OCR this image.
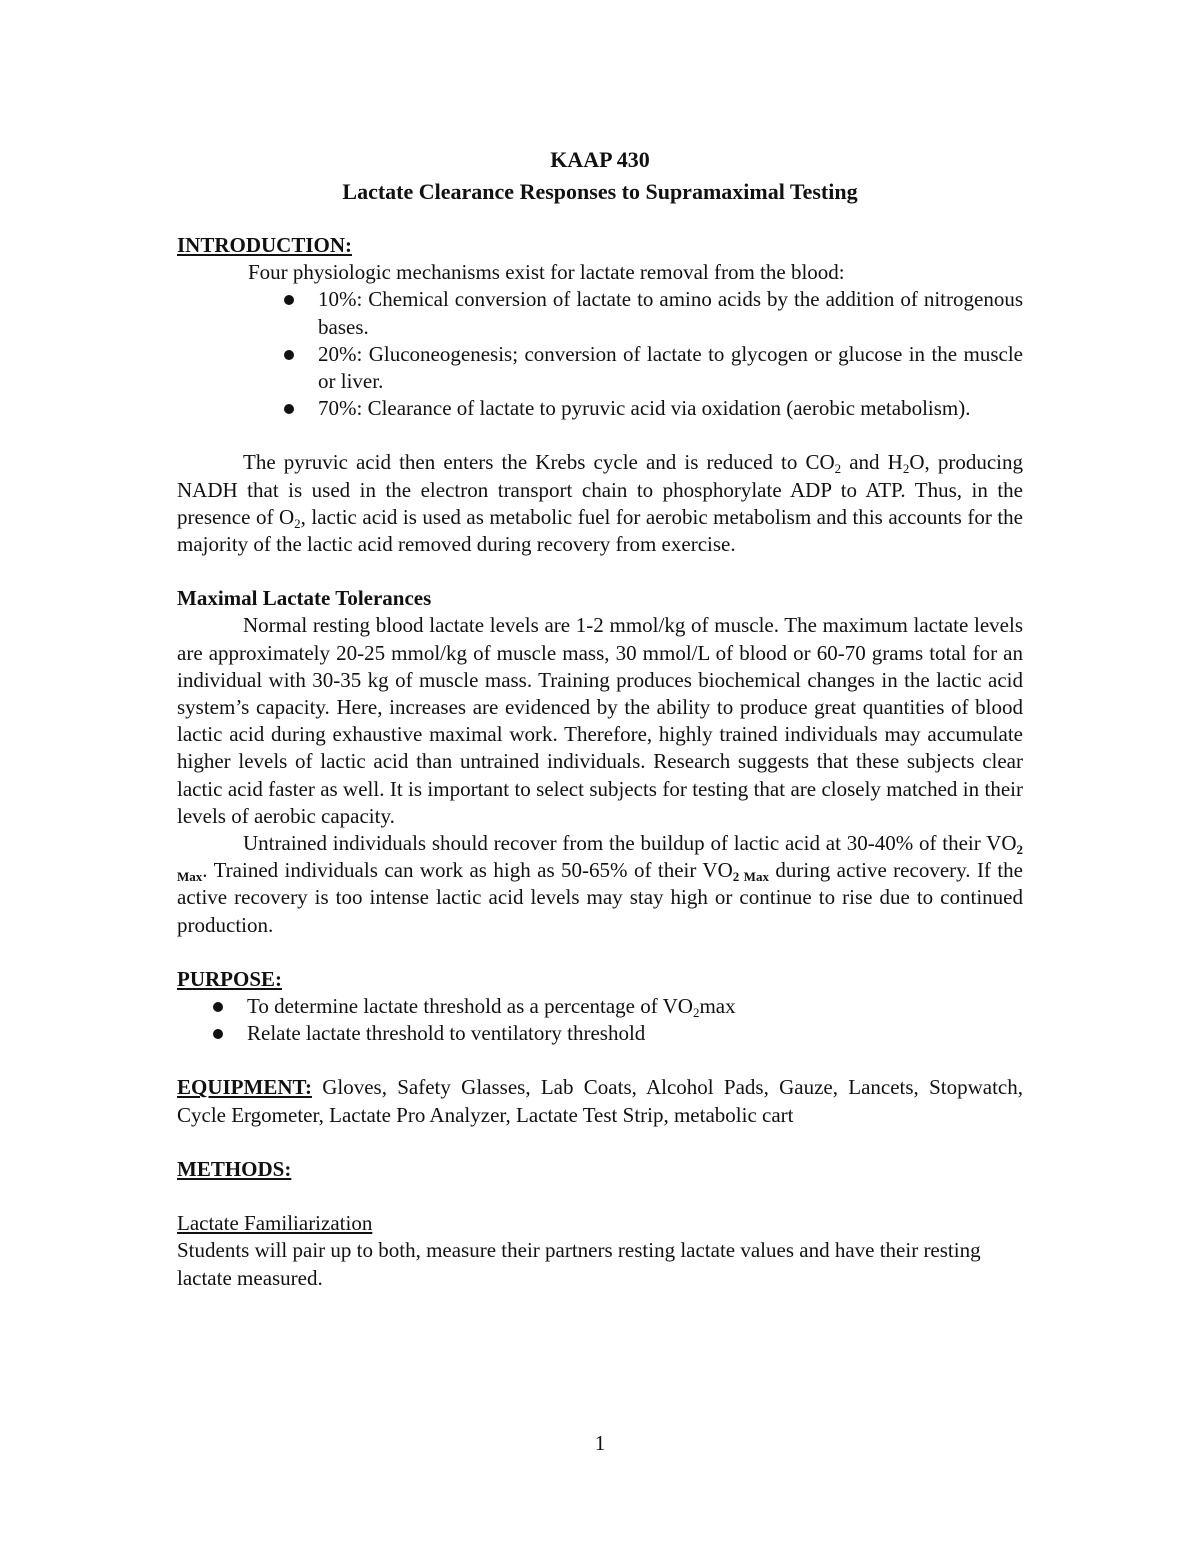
KAAP 430

Lactate Clearance Responses to Supramaximal Testing

INTRODUCTION:

Four physiologic mechanisms exist for lactate removal from the blood:

10%: Chemical conversion of lactate to amino acids by the addition of nitrogenous bases.
20%: Gluconeogenesis; conversion of lactate to glycogen or glucose in the muscle or liver.
70%: Clearance of lactate to pyruvic acid via oxidation (aerobic metabolism).

The pyruvic acid then enters the Krebs cycle and is reduced to $CO_2$ and $H_2O$, producing NADH that is used in the electron transport chain to phosphorylate ADP to ATP. Thus, in the presence of $O_2$, lactic acid is used as metabolic fuel for aerobic metabolism and this accounts for the majority of the lactic acid removed during recovery from exercise.

Maximal Lactate Tolerances

Normal resting blood lactate levels are 1-2 mmol/kg of muscle. The maximum lactate levels are approximately 20-25 mmol/kg of muscle mass, 30 mmol/L of blood or 60-70 grams total for an individual with 30-35 kg of muscle mass. Training produces biochemical changes in the lactic acid system’s capacity. Here, increases are evidenced by the ability to produce great quantities of blood lactic acid during exhaustive maximal work. Therefore, highly trained individuals may accumulate higher levels of lactic acid than untrained individuals. Research suggests that these subjects clear lactic acid faster as well. It is important to select subjects for testing that are closely matched in their levels of aerobic capacity.

Untrained individuals should recover from the buildup of lactic acid at 30-40% of their $VO_{2 Max}$. Trained individuals can work as high as 50-65% of their $VO_{2 Max}$ during active recovery. If the active recovery is too intense lactic acid levels may stay high or continue to rise due to continued production.

PURPOSE:

To determine lactate threshold as a percentage of $VO_2\max$
Relate lactate threshold to ventilatory threshold

EQUIPMENT: Gloves, Safety Glasses, Lab Coats, Alcohol Pads, Gauze, Lancets, Stopwatch, Cycle Ergometer, Lactate Pro Analyzer, Lactate Test Strip, metabolic cart

METHODS:

Lactate Familiarization

Students will pair up to both, measure their partners resting lactate values and have their resting lactate measured.

1
